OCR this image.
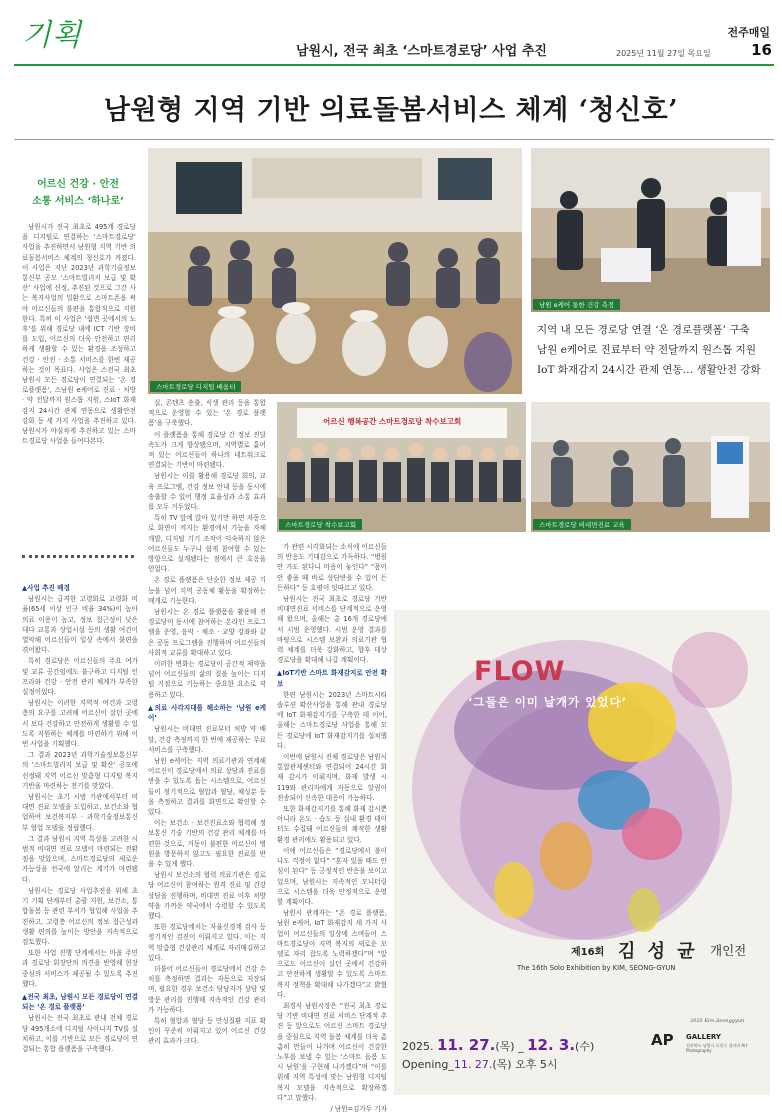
기획	남원시, 전국 최초 ‘스마트경로당’ 사업 추진
전주매일
2025년 11월 27일 목요일	16
남원형 지역 기반 의료돌봄서비스 체계 ‘청신호’
스마트경로당 디지털 배움터
남원 e케어 통한 건강 측정
지역 내 모든 경로당 연결 ‘온 경로플랫폼’ 구축
남원 e케어로 진료부터 약 전달까지 원스톱 지원
IoT 화재감지 24시간 관제 연동… 생활안전 강화
어르신 행복공간 스마트경로당 착수보고회
스마트경로당 착수보고회	스마트경로당 비대면진료 교육
어르신 건강 · 안전
소통 서비스 ‘하나로’

남원시가 전국 최초로 495개 경로당을 디지털로 연결하는 ‘스마트경로당’ 사업을 추진하면서 남원형 지역 기반 의료돌봄서비스 체계의 청신호가 켜졌다. 이 사업은 지난 2023년 과학기술정보통신부 공모 ‘스마트빌리지 보급 및 확산’ 사업에 선정, 추진된 것으로 그간 사는 복지사업의 일환으로 스마트폰을 써야 어르신들의 불편을 통합적으로 지원한다. 특히 이 사업은 ‘쉽면 곳에서의 노후’를 위해 경로당 내에 ICT 기반 장비를 도입, 어르신의 더욱 안전하고 편리하게 생활할 수 있는 환경을 조성하고 건강 · 안전 · 소통 서비스를 한번 제공하는 것이 목표다. 사업은 스전국 최초 남원시 모든 경로당이 연결되는 ‘온 경로플랫폼’, 스남원 e케어로 진료 · 처방 · 약 전달까지 원스톱 지원, 스IoT 화재감지 24시간 관제 연동으로 생활안전 강화 등 세 가지 사업을 추진하고 있다. 남원시가 야심차게 추진하고 있는 스마트경로당 사업을 들여다본다.

▲사업 추진 배경

남원시는 급격한 고령화로 고령화 비율(65세 이상 인구 비율 34%)이 높아 의료 이용이 높고, 정보 접근성이 낮은 데다 교통과 상업시설 등의 생활 여건이 열악해 어르신들이 일상 속에서 불편을 겪어왔다.

특히 경로당은 어르신들의 주요 여가 및 교류 공간임에도 불구하고 디지털 인프라와 건강 · 안전 관리 체계가 부족한 실정이었다.

남원시는 이러한 지역적 여건과 고령층의 요구를 고려해 어르신이 살던 곳에서 보다 건강하고 안전하게 생활할 수 있도록 지원하는 체계를 마련하기 위해 이번 사업을 기획했다.

그 결과 2023년 과학기술정보통신부의 ‘스마트빌리지 보급 및 확산’ 공모에 선정돼 지역 어르신 맞춤형 디지털 복지 기반을 마련하는 전기를 맞았다.

남원시는 초기 시범 기관에서부터 비대면 진료 모델을 도입하고, 보건소와 협업하여 보건복지부 · 과학기술정보통신부 협업 모델을 정립했다.

그 결과 남원시 지역 특성을 고려한 시범적 비대면 진료 모델이 마련되는 전환점을 맞았으며, 스마트경로당의 새로운 가능성을 전국에 알리는 계기가 마련됐다.

남원시는 경로당 사업추진을 위해 초기 기획 단계부터 총괄 지원, 보건소, 통합돌봄 등 관련 부서가 협업해 사업을 추진하고, 고령층 어르신의 정보 접근성과 생활 편의를 높이는 방안을 지속적으로 검토했다.

또한 사업 진행 단계에서는 마을 주민과 경로당 회장단의 의견을 반영해 현장 중심의 서비스가 제공될 수 있도록 추진했다.

▲전국 최초, 남원시 모든 경로당이 연결되는 ‘온 경로 플랫폼’

남원시는 전국 최초로 관내 전체 경로당 495개소에 디지털 사이니지 TV를 설치하고, 이를 기반으로 모든 경로당이 연결되는 통합 플랫폼을 구축했다.

실, 콘텐츠 송출, 식생 관리 등을 통합적으로 운영할 수 있는 ‘온 경로 플랫폼’을 구축했다.

이 플랫폼을 통해 경로당 간 정보 전달 속도가 크게 향상됐으며, 지역별로 흩어져 있는 어르신들이 하나의 네트워크로 연결되는 기반이 마련됐다.

남원시는 이를 활용해 경로당 회의, 교육 프로그램, 건강 정보 안내 등을 동시에 송출할 수 있어 행정 효율성과 소통 효과를 모두 거두었다.

특히 TV 앞에 앉아 있기만 하면 자동으로 화면이 켜지는 환경에서 기능을 자체 개발, 디지털 기기 조작이 익숙하지 않은 어르신들도 누구나 쉽게 참여할 수 있는 방향으로 설계됐다는 점에서 큰 호응을 얻었다.

온 경로 플랫폼은 단순한 정보 제공 기능을 넘어 지역 공동체 활동을 확장하는 매개로 기능한다.

남원시는 온 경로 플랫폼을 활용해 전 경로당이 동시에 참여하는 온라인 프로그램을 운영, 음악 · 체조 · 교양 강좌와 같은 공동 프로그램을 진행하며 어르신들의 사회적 교류를 확대하고 있다.

이러한 변화는 경로당이 공간적 제약을 넘어 어르신들의 삶의 질을 높이는 디지털 거점으로 기능하는 중요한 요소로 작용하고 있다.

▲의료 사각지대를 해소하는 ‘남원 e케어’

남원시는 비대면 진료부터 처방 약 배달, 건강 측정까지 한 번에 제공하는 무료 서비스를 구축했다.

남원 e케어는 지역 의료기관과 연계해 어르신이 경로당에서 의료 상담과 진료를 받을 수 있도록 돕는 시스템으로, 어르신들이 정기적으로 혈압과 혈당, 체성분 등을 측정하고 결과를 화면으로 확인할 수 있다.

이는 보건소 · 보건진료소와 협력해 정보통신 기술 기반의 건강 관리 체계를 마련한 것으로, 거동이 불편한 어르신이 병원을 방문하지 않고도 필요한 진료를 받을 수 있게 했다.

남원시 보건소의 협력 의료기관은 경로당 어르신이 참여하는 원격 진료 및 건강 상담을 진행하며, 비대면 진료 이후 처방 약을 가까운 약국에서 수령할 수 있도록 했다.

또한 경로당에서는 자율신경계 검사 등 정기적인 검진이 이뤄지고 있다. 이는 지역 맞춤형 건강관리 체계로 자리매김하고 있다.

더불어 어르신들이 경로당에서 건강 수치를 측정하면 결과는 자동으로 저장되며, 필요한 경우 보건소 담당자가 상담 및 방문 관리를 진행해 지속적인 건강 관리가 가능하다.

특히 혈압과 혈당 등 만성질환 지표 확인이 꾸준히 이뤄지고 있어 어르신 건강 관리 효과가 크다.

가 관련 시각화되는 소식에 어르신들의 반응도 기대감으로 가득하다. “병원 안 가도 된다니 마음이 놓인다” “몸이 안 좋을 때 바로 상담받을 수 있어 든든하다” 등 호평이 잇따르고 있다.

남원시는 전국 최초로 경로당 기반 비대면진료 서비스를 단계적으로 운영해 왔으며, 올해는 총 16개 경로당에서 시범 운영했다. 시범 운영 결과를 바탕으로 시스템 보완과 의료기관 협력 체계를 더욱 강화하고, 향후 대상 경로당을 확대해 나갈 계획이다.

▲IoT기반 스마트 화재감지로 안전 확보

한편 남원시는 2023년 스마트시티 솔루션 확산사업을 통해 관내 경로당에 IoT 화재감지기를 구축한 데 이어, 올해는 스마트경로당 사업을 통해 모든 경로당에 IoT 화재감지기를 설치했다.

이번에 남원시 전체 경로당은 남원시 통합관제센터와 연결되어 24시간 화재 감시가 이뤄지며, 화재 발생 시 119와 관리자에게 자동으로 알림이 전송되어 신속한 대응이 가능하다.

또한 화재감지기를 통해 화재 감시뿐 아니라 온도 · 습도 등 실내 환경 데이터도 수집돼 어르신들의 쾌적한 생활 환경 관리에도 활용되고 있다.

이에 어르신들은 “경로당에서 불이 나도 걱정이 없다” “혼자 있을 때도 안심이 된다” 등 긍정적인 반응을 보이고 있으며, 남원시는 지속적인 모니터링으로 시스템을 더욱 안정적으로 운영할 계획이다.

남원시 관계자는 “온 경로 플랫폼, 남원 e케어, IoT 화재감지 세 가지 사업이 어르신들의 일상에 스며들어 스마트경로당이 지역 복지의 새로운 모델로 자리 잡도록 노력하겠다”며 “앞으로도 어르신이 살던 곳에서 건강하고 안전하게 생활할 수 있도록 스마트 복지 정책을 확대해 나가겠다”고 밝혔다.

최경식 남원시장은 “전국 최초 경로당 기반 비대면 진료 서비스 단계적 추진 등 앞으로도 어르신 스마트 경로당을 중심으로 지역 돌봄 체계를 더욱 촘촘히 만들어 나가며 어르신이 건강한 노후를 보낼 수 있는 ‘스마트 돌봄 도시 남원’을 구현해 나가겠다”며 “이를 위해 지역 특성에 맞는 남원형 디지털 복지 모델을 지속적으로 확장하겠다”고 말했다.

/ 남원=김가두 기자

FLOW
‘그들은 이미 날개가 있었다’
제16회 김 성 균 개인전
The 16th Solo Exhibition by KIM, SEONG-GYUN
2025 Kim,Seonggyun
2025. 11. 27.(목) _ 12. 3.(수)
Opening_11. 27.(목) 오후 5시
AP GALLERY
전라북도 남원시 요천로 갤러리 Art Photography
